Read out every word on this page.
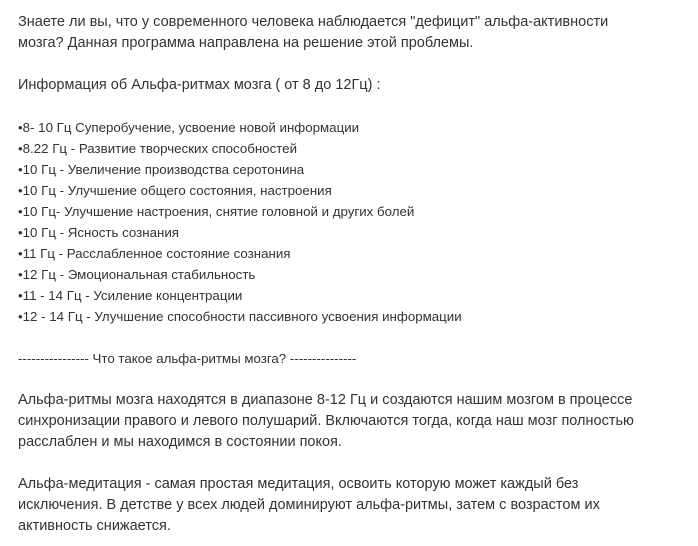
Знаете ли вы, что у современного человека наблюдается "дефицит" альфа-активности
мозга? Данная программа направлена на решение этой проблемы.

Информация об Альфа-ритмах мозга ( от 8 до 12Гц) :

•8- 10 Гц Суперобучение, усвоение новой информации
•8.22 Гц - Развитие творческих способностей
•10 Гц - Увеличение производства серотонина
•10 Гц - Улучшение общего состояния, настроения
•10 Гц- Улучшение настроения, снятие головной и других болей
•10 Гц - Ясность сознания
•11 Гц - Расслабленное состояние сознания
•12 Гц - Эмоциональная стабильность
•11 - 14 Гц - Усиление концентрации
•12 - 14 Гц - Улучшение способности пассивного усвоения информации

---------------- Что такое альфа-ритмы мозга? ---------------

Альфа-ритмы мозга находятся в диапазоне 8-12 Гц и создаются нашим мозгом в процессе
синхронизации правого и левого полушарий. Включаются тогда, когда наш мозг полностью
расслаблен и мы находимся в состоянии покоя.

Альфа-медитация - самая простая медитация, освоить которую может каждый без
исключения. В детстве у всех людей доминируют альфа-ритмы, затем с возрастом их
активность снижается.
